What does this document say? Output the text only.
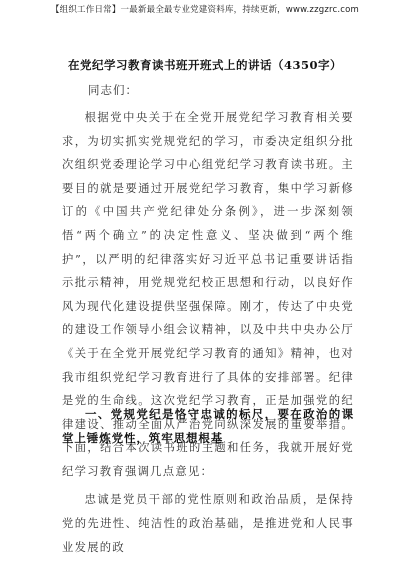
【组织工作日常】一最新最全最专业党建资料库，持续更新，www.zzgzrc.com
在党纪学习教育读书班开班式上的讲话（4350字）
同志们：

根据党中央关于在全党开展党纪学习教育相关要求，为切实抓实党规党纪的学习，市委决定组织分批次组织党委理论学习中心组党纪学习教育读书班。主要目的就是要通过开展党纪学习教育，集中学习新修订的《中国共产党纪律处分条例》，进一步深刻领悟“两个确立”的决定性意义、坚决做到“两个维护”，以严明的纪律落实好习近平总书记重要讲话指示批示精神，用党规党纪校正思想和行动，以良好作风为现代化建设提供坚强保障。刚才，传达了中央党的建设工作领导小组会议精神，以及中共中央办公厅《关于在全党开展党纪学习教育的通知》精神，也对我市组织党纪学习教育进行了具体的安排部署。纪律是党的生命线。这次党纪学习教育，正是加强党的纪律建设、推动全面从严治党向纵深发展的重要举措。下面，结合本次读书班的主题和任务，我就开展好党纪学习教育强调几点意见：

一、党规党纪是恪守忠诚的标尺，要在政治的课堂上锤炼党性，筑牢思想根基

忠诚是党员干部的党性原则和政治品质，是保持党的先进性、纯洁性的政治基础，是推进党和人民事业发展的政
